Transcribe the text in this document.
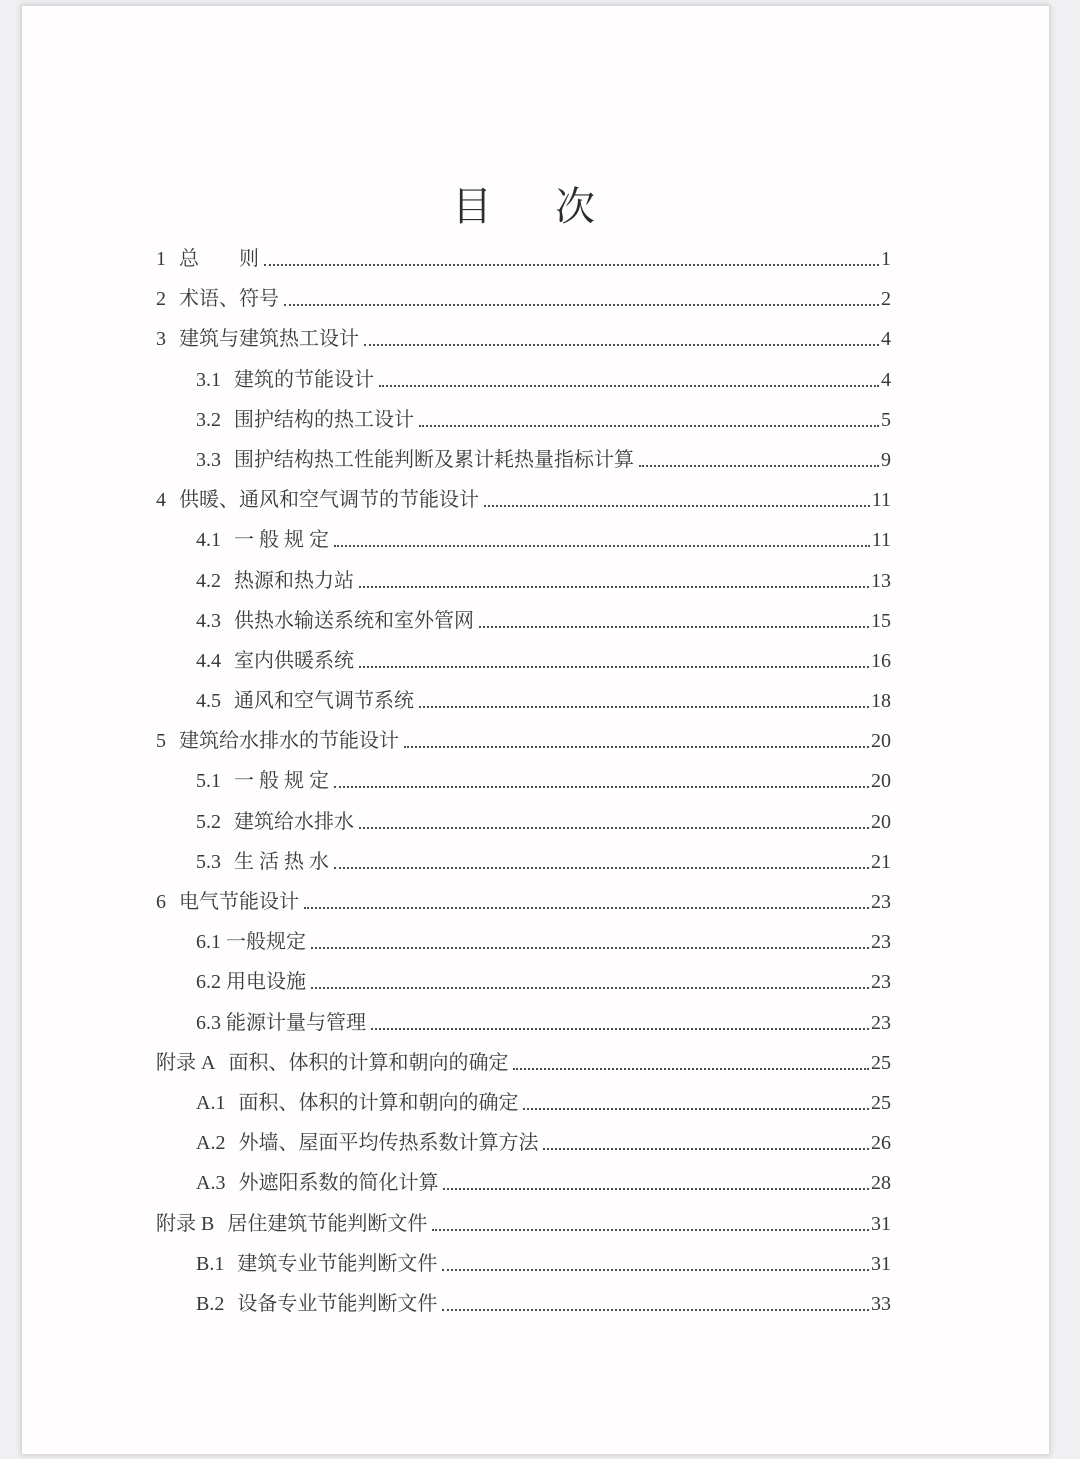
目 次
1 总　　则	1
2 术语、符号	2
3 建筑与建筑热工设计	4
3.1 建筑的节能设计	4
3.2 围护结构的热工设计	5
3.3 围护结构热工性能判断及累计耗热量指标计算	9
4 供暖、通风和空气调节的节能设计	11
4.1 一 般 规 定	11
4.2 热源和热力站	13
4.3 供热水输送系统和室外管网	15
4.4 室内供暖系统	16
4.5 通风和空气调节系统	18
5 建筑给水排水的节能设计	20
5.1 一 般 规 定	20
5.2 建筑给水排水	20
5.3 生 活 热 水	21
6 电气节能设计	23
6.1 一般规定	23
6.2 用电设施	23
6.3 能源计量与管理	23
附录 A 面积、体积的计算和朝向的确定	25
A.1 面积、体积的计算和朝向的确定	25
A.2 外墙、屋面平均传热系数计算方法	26
A.3 外遮阳系数的简化计算	28
附录 B 居住建筑节能判断文件	31
B.1 建筑专业节能判断文件	31
B.2 设备专业节能判断文件	33
